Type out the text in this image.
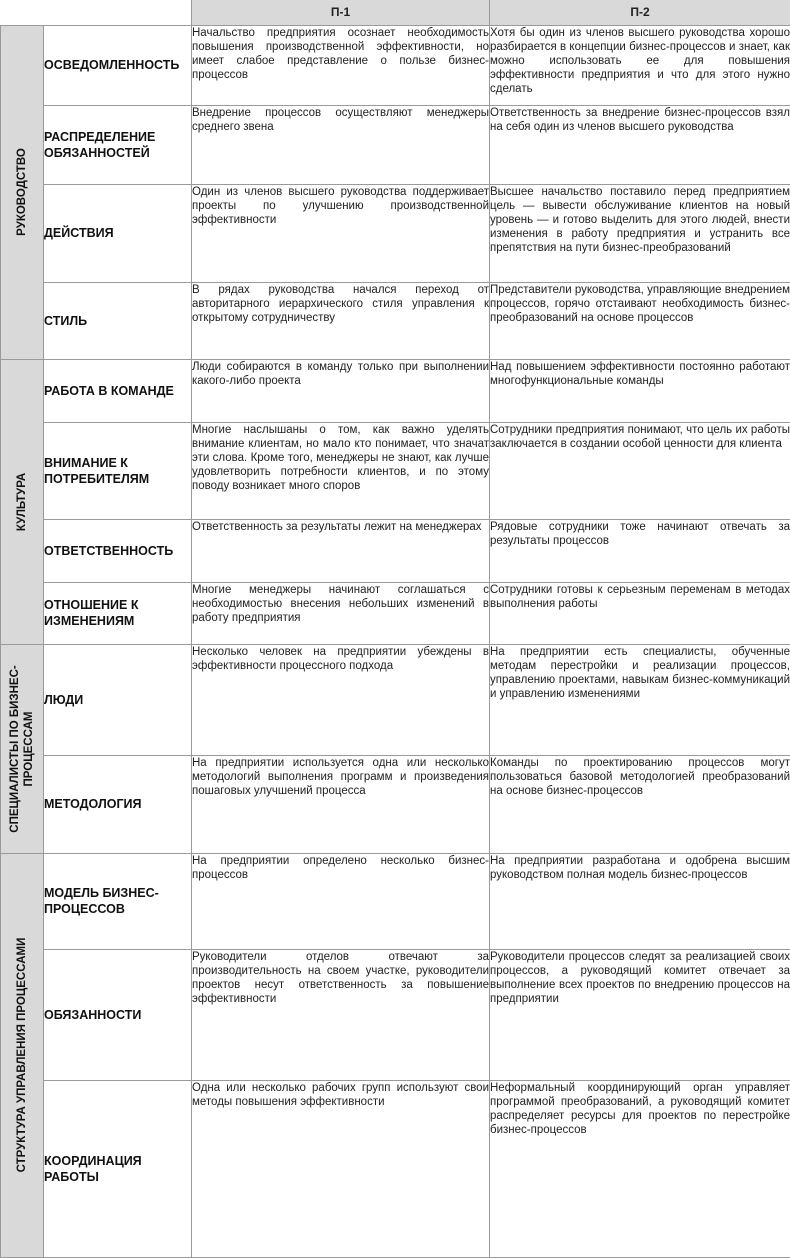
		П-1	П-2

РУКОВОДСТВО	ОСВЕДОМЛЕННОСТЬ	Начальство предприятия осознает необходимость повышения производственной эффективности, но имеет слабое представление о пользе бизнес-процессов	Хотя бы один из членов высшего руководства хорошо разбирается в концепции бизнес-процессов и знает, как можно использовать ее для повышения эффективности предприятия и что для этого нужно сделать
	РАСПРЕДЕЛЕНИЕ ОБЯЗАННОСТЕЙ	Внедрение процессов осуществляют менеджеры среднего звена	Ответственность за внедрение бизнес-процессов взял на себя один из членов высшего руководства
	ДЕЙСТВИЯ	Один из членов высшего руководства поддерживает проекты по улучшению производственной эффективности	Высшее начальство поставило перед предприятием цель — вывести обслуживание клиентов на новый уровень — и готово выделить для этого людей, внести изменения в работу предприятия и устранить все препятствия на пути бизнес-преобразований
	СТИЛЬ	В рядах руководства начался переход от авторитарного иерархического стиля управления к открытому сотрудничеству	Представители руководства, управляющие внедрением процессов, горячо отстаивают необходимость бизнес-преобразований на основе процессов

КУЛЬТУРА	РАБОТА В КОМАНДЕ	Люди собираются в команду только при выполнении какого-либо проекта	Над повышением эффективности постоянно работают многофункциональные команды
	ВНИМАНИЕ К ПОТРЕБИТЕЛЯМ	Многие наслышаны о том, как важно уделять внимание клиентам, но мало кто понимает, что значат эти слова. Кроме того, менеджеры не знают, как лучше удовлетворить потребности клиентов, и по этому поводу возникает много споров	Сотрудники предприятия понимают, что цель их работы заключается в создании особой ценности для клиента
	ОТВЕТСТВЕННОСТЬ	Ответственность за результаты лежит на менеджерах	Рядовые сотрудники тоже начинают отвечать за результаты процессов
	ОТНОШЕНИЕ К ИЗМЕНЕНИЯМ	Многие менеджеры начинают соглашаться с необходимостью внесения небольших изменений в работу предприятия	Сотрудники готовы к серьезным переменам в методах выполнения работы

СПЕЦИАЛИСТЫ ПО БИЗНЕС-ПРОЦЕССАМ	ЛЮДИ	Несколько человек на предприятии убеждены в эффективности процессного подхода	На предприятии есть специалисты, обученные методам перестройки и реализации процессов, управлению проектами, навыкам бизнес-коммуникаций и управлению изменениями
	МЕТОДОЛОГИЯ	На предприятии используется одна или несколько методологий выполнения программ и произведения пошаговых улучшений процесса	Команды по проектированию процессов могут пользоваться базовой методологией преобразований на основе бизнес-процессов

СТРУКТУРА УПРАВЛЕНИЯ ПРОЦЕССАМИ	МОДЕЛЬ БИЗНЕС-ПРОЦЕССОВ	На предприятии определено несколько бизнес-процессов	На предприятии разработана и одобрена высшим руководством полная модель бизнес-процессов
	ОБЯЗАННОСТИ	Руководители отделов отвечают за производительность на своем участке, руководители проектов несут ответственность за повышение эффективности	Руководители процессов следят за реализацией своих процессов, а руководящий комитет отвечает за выполнение всех проектов по внедрению процессов на предприятии
	КООРДИНАЦИЯ РАБОТЫ	Одна или несколько рабочих групп используют свои методы повышения эффективности	Неформальный координирующий орган управляет программой преобразований, а руководящий комитет распределяет ресурсы для проектов по перестройке бизнес-процессов
